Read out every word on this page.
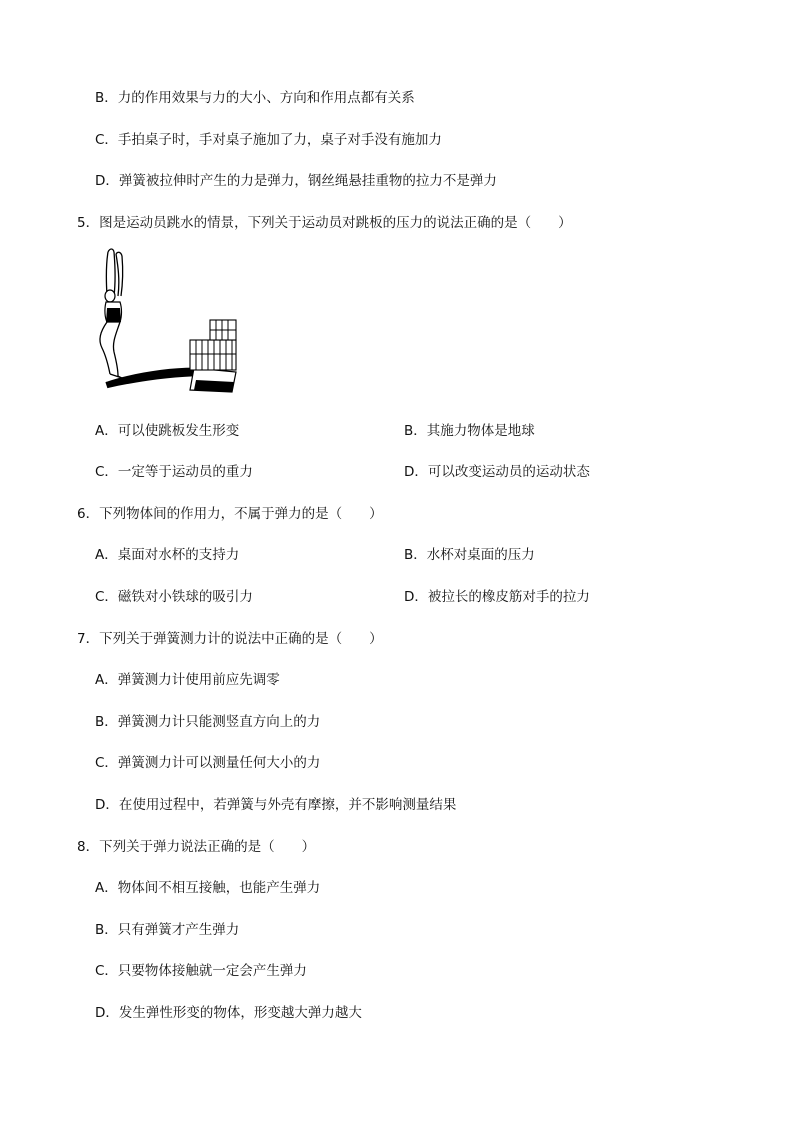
B．力的作用效果与力的大小、方向和作用点都有关系
C．手拍桌子时，手对桌子施加了力，桌子对手没有施加力
D．弹簧被拉伸时产生的力是弹力，钢丝绳悬挂重物的拉力不是弹力
5．图是运动员跳水的情景，下列关于运动员对跳板的压力的说法正确的是（　　）
A．可以使跳板发生形变	B．其施力物体是地球
C．一定等于运动员的重力	D．可以改变运动员的运动状态
6．下列物体间的作用力，不属于弹力的是（　　）
A．桌面对水杯的支持力	B．水杯对桌面的压力
C．磁铁对小铁球的吸引力	D．被拉长的橡皮筋对手的拉力
7．下列关于弹簧测力计的说法中正确的是（　　）
A．弹簧测力计使用前应先调零
B．弹簧测力计只能测竖直方向上的力
C．弹簧测力计可以测量任何大小的力
D．在使用过程中，若弹簧与外壳有摩擦，并不影响测量结果
8．下列关于弹力说法正确的是（　　）
A．物体间不相互接触，也能产生弹力
B．只有弹簧才产生弹力
C．只要物体接触就一定会产生弹力
D．发生弹性形变的物体，形变越大弹力越大
